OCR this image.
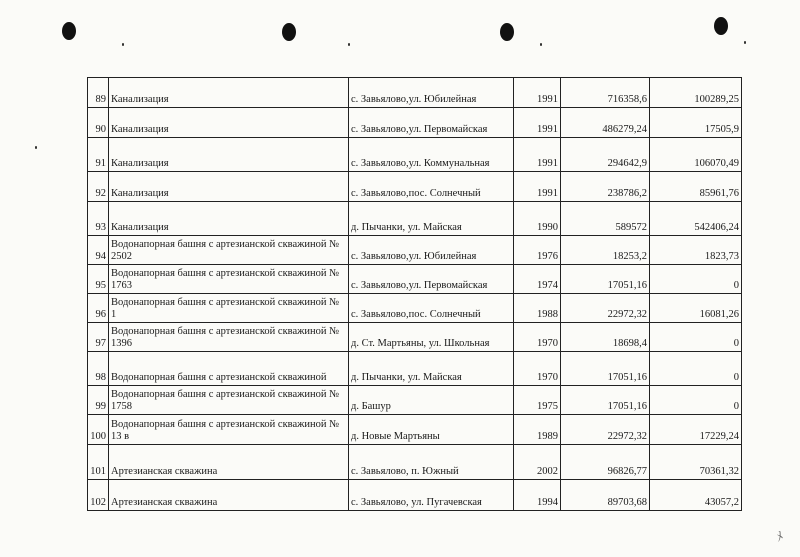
89	Канализация	с. Завьялово,ул. Юбилейная	1991	716358,6	100289,25
90	Канализация	с. Завьялово,ул. Первомайская	1991	486279,24	17505,9
91	Канализация	с. Завьялово,ул. Коммунальная	1991	294642,9	106070,49
92	Канализация	с. Завьялово,пос. Солнечный	1991	238786,2	85961,76
93	Канализация	д. Пычанки, ул. Майская	1990	589572	542406,24
94	Водонапорная башня с артезианской скважиной № 2502	с. Завьялово,ул. Юбилейная	1976	18253,2	1823,73
95	Водонапорная башня с артезианской скважиной № 1763	с. Завьялово,ул. Первомайская	1974	17051,16	0
96	Водонапорная башня с артезианской скважиной № 1	с. Завьялово,пос. Солнечный	1988	22972,32	16081,26
97	Водонапорная башня с артезианской скважиной № 1396	д. Ст. Мартьяны, ул. Школьная	1970	18698,4	0
98	Водонапорная башня с артезианской скважиной	д. Пычанки, ул. Майская	1970	17051,16	0
99	Водонапорная башня с артезианской скважиной № 1758	д. Башур	1975	17051,16	0
100	Водонапорная башня с артезианской скважиной № 13 в	д. Новые Мартьяны	1989	22972,32	17229,24
101	Артезианская скважина	с. Завьялово, п. Южный	2002	96826,77	70361,32
102	Артезианская скважина	с. Завьялово, ул. Пугачевская	1994	89703,68	43057,2
ﾒ
